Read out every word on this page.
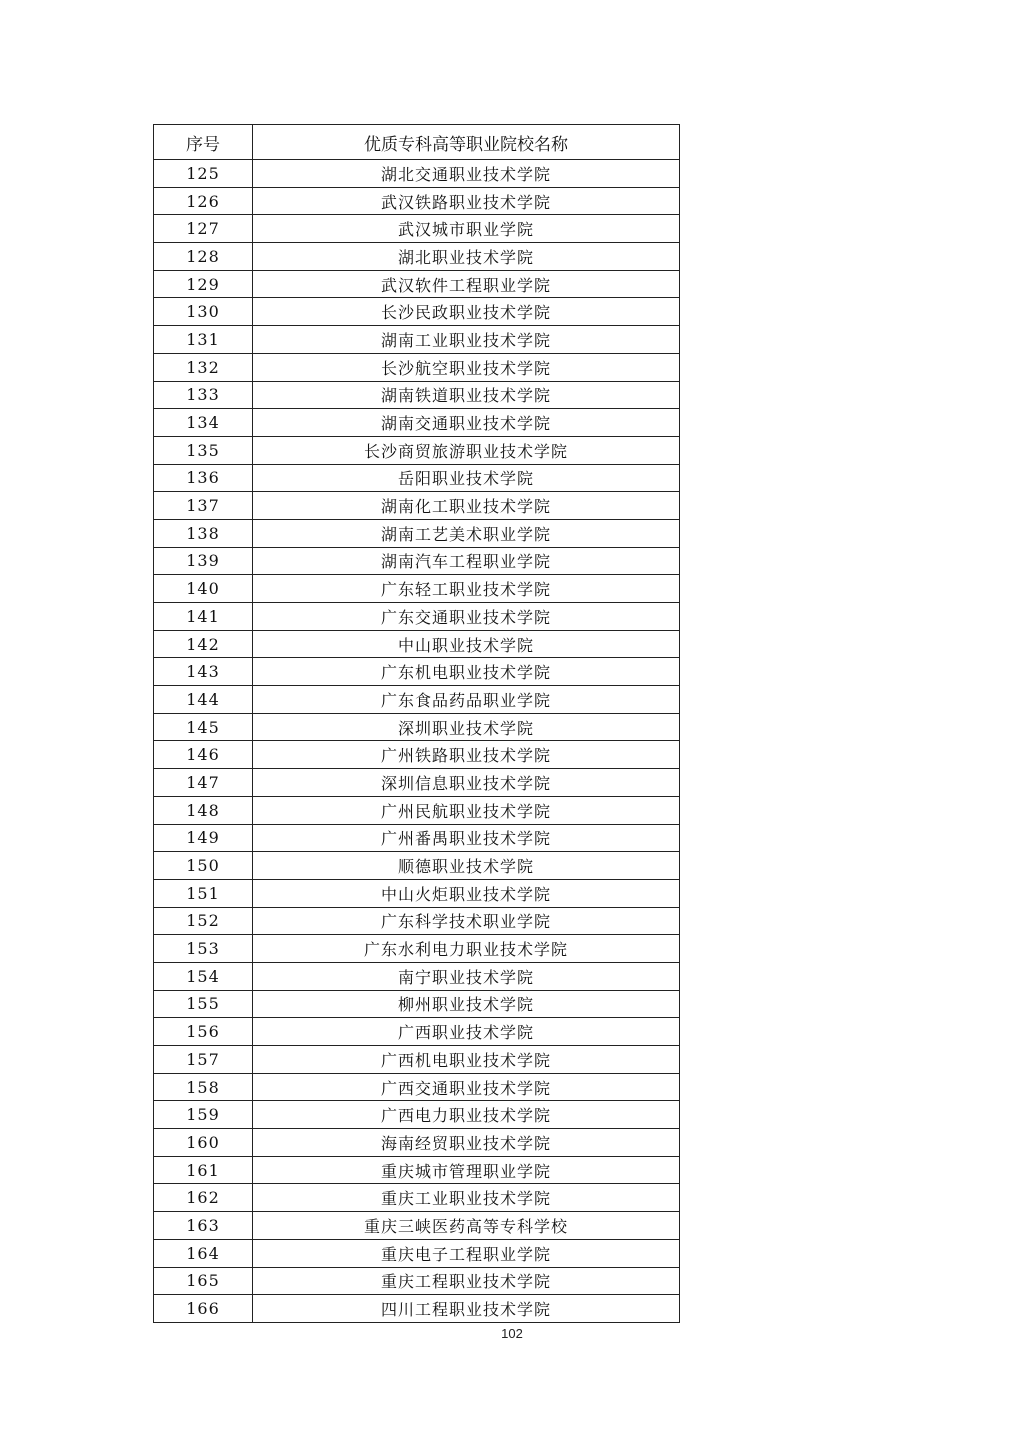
序号	优质专科高等职业院校名称
125	湖北交通职业技术学院
126	武汉铁路职业技术学院
127	武汉城市职业学院
128	湖北职业技术学院
129	武汉软件工程职业学院
130	长沙民政职业技术学院
131	湖南工业职业技术学院
132	长沙航空职业技术学院
133	湖南铁道职业技术学院
134	湖南交通职业技术学院
135	长沙商贸旅游职业技术学院
136	岳阳职业技术学院
137	湖南化工职业技术学院
138	湖南工艺美术职业学院
139	湖南汽车工程职业学院
140	广东轻工职业技术学院
141	广东交通职业技术学院
142	中山职业技术学院
143	广东机电职业技术学院
144	广东食品药品职业学院
145	深圳职业技术学院
146	广州铁路职业技术学院
147	深圳信息职业技术学院
148	广州民航职业技术学院
149	广州番禺职业技术学院
150	顺德职业技术学院
151	中山火炬职业技术学院
152	广东科学技术职业学院
153	广东水利电力职业技术学院
154	南宁职业技术学院
155	柳州职业技术学院
156	广西职业技术学院
157	广西机电职业技术学院
158	广西交通职业技术学院
159	广西电力职业技术学院
160	海南经贸职业技术学院
161	重庆城市管理职业学院
162	重庆工业职业技术学院
163	重庆三峡医药高等专科学校
164	重庆电子工程职业学院
165	重庆工程职业技术学院
166	四川工程职业技术学院
102
